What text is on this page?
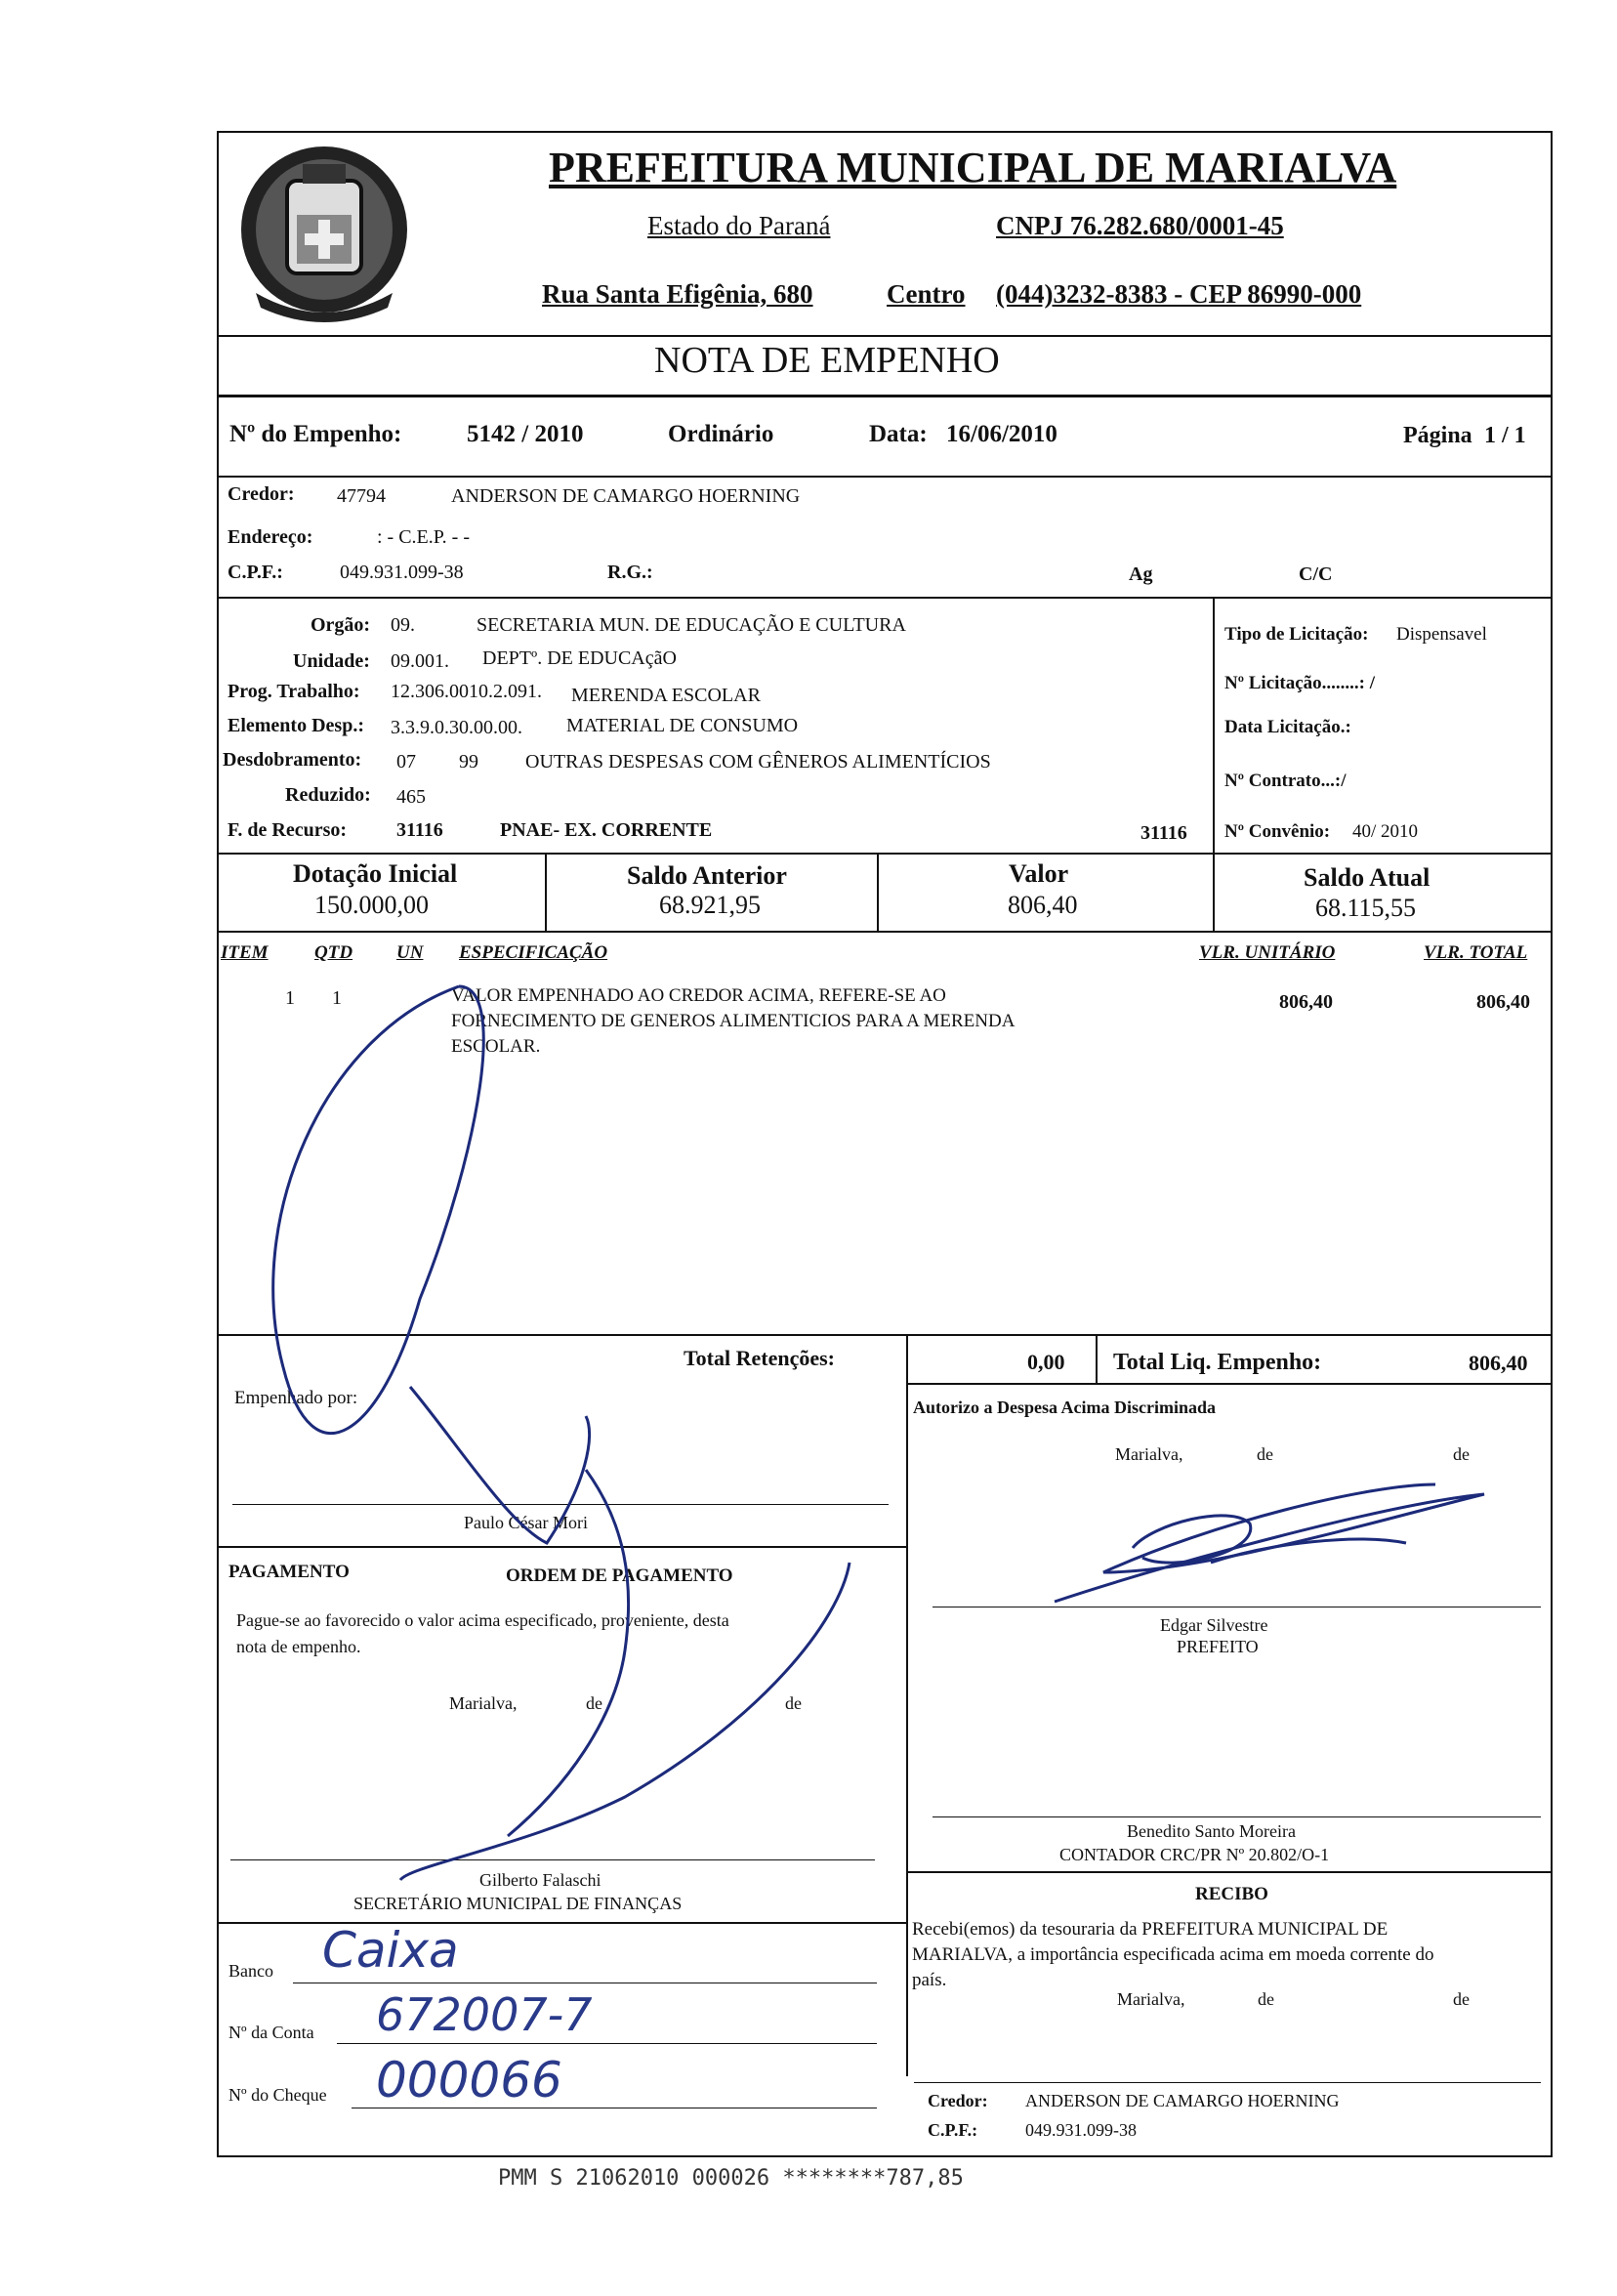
PREFEITURA MUNICIPAL DE MARIALVA
Estado do Paraná	CNPJ 76.282.680/0001-45
Rua Santa Efigênia, 680	Centro (044)3232-8383 - CEP 86990-000
NOTA DE EMPENHO
Nº do Empenho:	5142 / 2010	Ordinário	Data: 16/06/2010	Página 1 / 1
Credor: 47794	ANDERSON DE CAMARGO HOERNING
Endereço:	: - C.E.P. - -
C.P.F.:	049.931.099-38	R.G.:	Ag	C/C
Orgão: 09.	SECRETARIA MUN. DE EDUCAÇÃO E CULTURA
Unidade: 09.001. DEPTº. DE EDUCAçãO
Prog. Trabalho: 12.306.0010.2.091. MERENDA ESCOLAR
Elemento Desp.: 3.3.9.0.30.00.00. MATERIAL DE CONSUMO
Desdobramento: 07 99 OUTRAS DESPESAS COM GÊNEROS ALIMENTÍCIOS
Reduzido: 465
F. de Recurso:	31116	PNAE- EX. CORRENTE	31116
Tipo de Licitação: Dispensavel
Nº Licitação........: /
Data Licitação.:
Nº Contrato...:/
Nº Convênio: 40/ 2010
Dotação Inicial
150.000,00
Saldo Anterior
68.921,95
Valor
806,40
Saldo Atual
68.115,55
ITEM QTD UN ESPECIFICAÇÃO	VLR. UNITÁRIO	VLR. TOTAL
1 1	VALOR EMPENHADO AO CREDOR ACIMA, REFERE-SE AO
FORNECIMENTO DE GENEROS ALIMENTICIOS PARA A MERENDA
ESCOLAR.
806,40	806,40
Total Retenções:	0,00 Total Liq. Empenho:	806,40
Empenhado por:
Paulo César Mori
PAGAMENTO	ORDEM DE PAGAMENTO
Pague-se ao favorecido o valor acima especificado, proveniente, desta
nota de empenho.
Marialva,	de	de
Gilberto Falaschi
SECRETÁRIO MUNICIPAL DE FINANÇAS
Banco Caixa
Nº da Conta 672007-7
Nº do Cheque 000066
Autorizo a Despesa Acima Discriminada
Marialva,	de	de
Edgar Silvestre
PREFEITO
Benedito Santo Moreira
CONTADOR CRC/PR Nº 20.802/O-1
RECIBO
Recebi(emos) da tesouraria da PREFEITURA MUNICIPAL DE
MARIALVA, a importância especificada acima em moeda corrente do
país.
Marialva,	de	de
Credor: ANDERSON DE CAMARGO HOERNING
C.P.F.:	049.931.099-38
PMM S 21062010 000026 ********787,85
